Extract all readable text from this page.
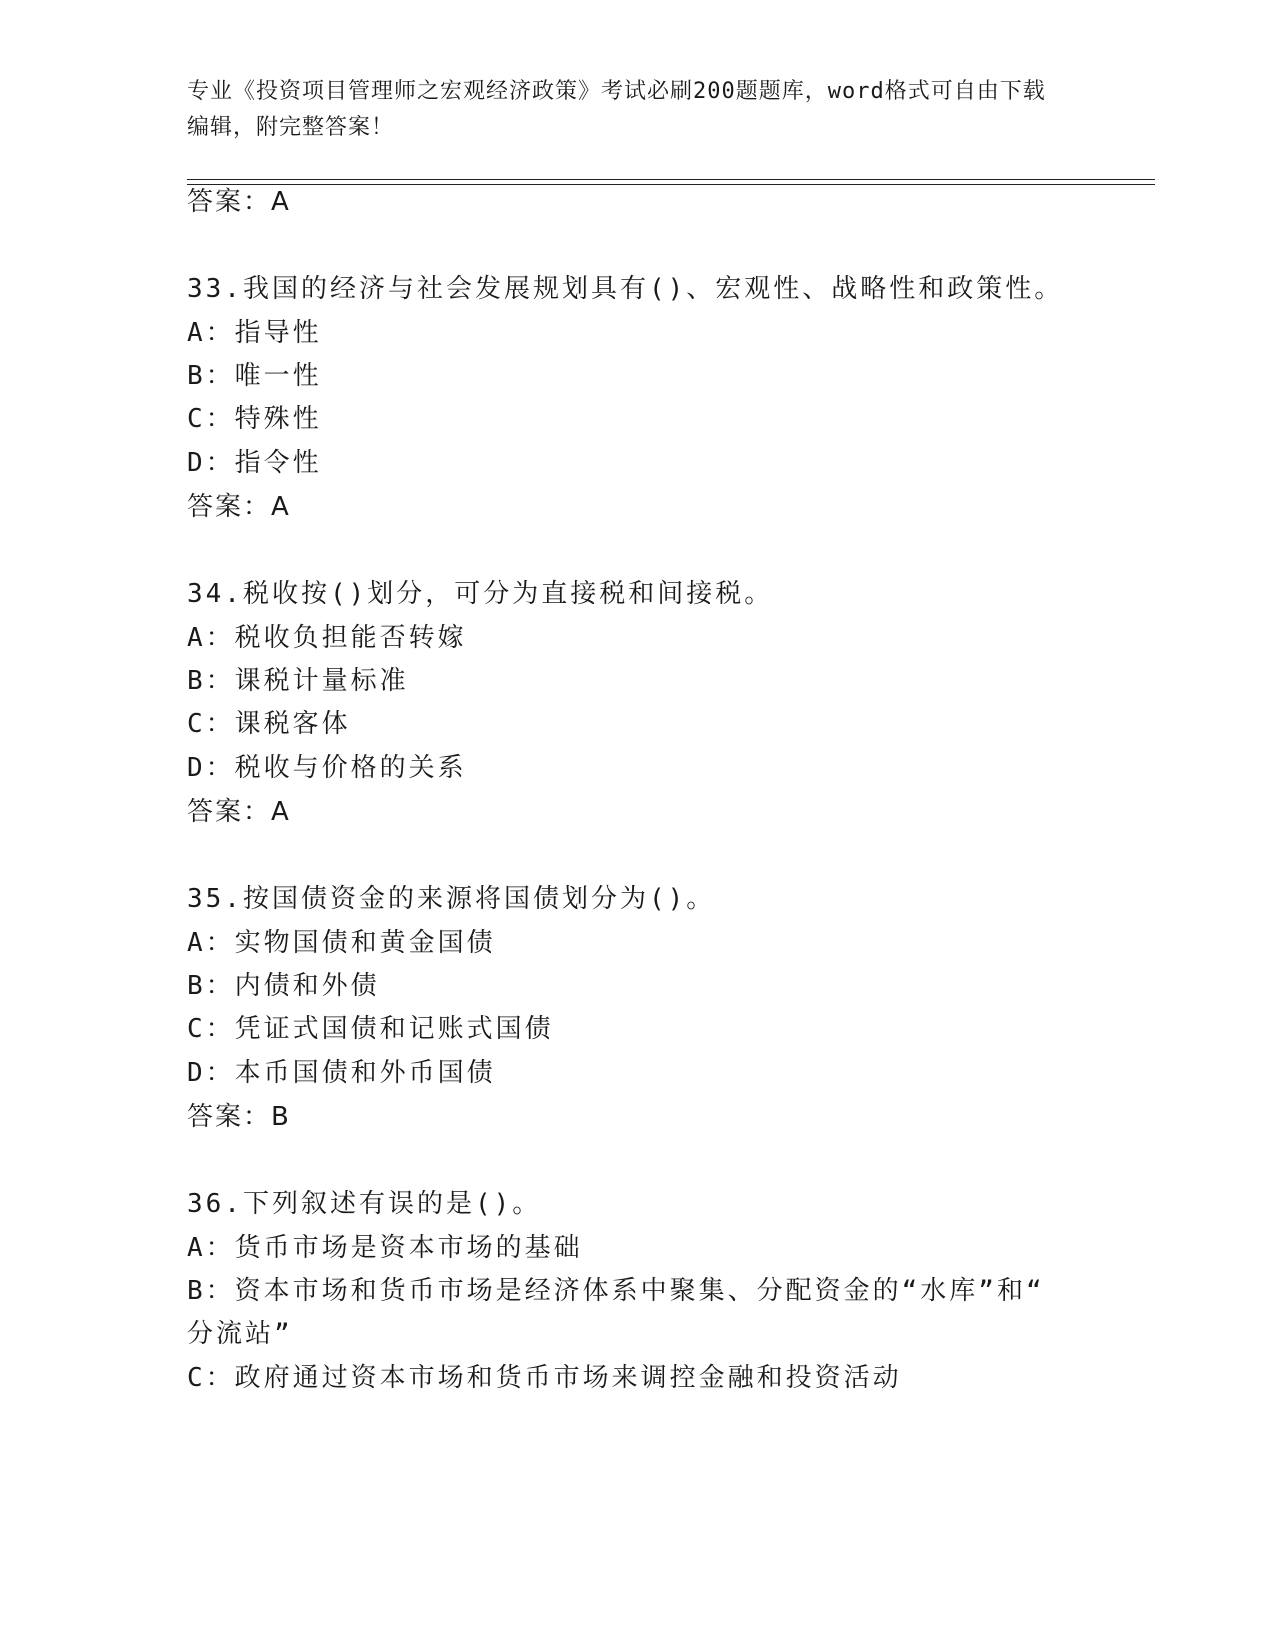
专业《投资项目管理师之宏观经济政策》考试必刷200题题库，word格式可自由下载编辑，附完整答案！
答案：A
33.我国的经济与社会发展规划具有()、宏观性、战略性和政策性。
A：指导性
B：唯一性
C：特殊性
D：指令性
答案：A
34.税收按()划分，可分为直接税和间接税。
A：税收负担能否转嫁
B：课税计量标准
C：课税客体
D：税收与价格的关系
答案：A
35.按国债资金的来源将国债划分为()。
A：实物国债和黄金国债
B：内债和外债
C：凭证式国债和记账式国债
D：本币国债和外币国债
答案：B
36.下列叙述有误的是()。
A：货币市场是资本市场的基础
B：资本市场和货币市场是经济体系中聚集、分配资金的“水库”和“
分流站”
C：政府通过资本市场和货币市场来调控金融和投资活动
